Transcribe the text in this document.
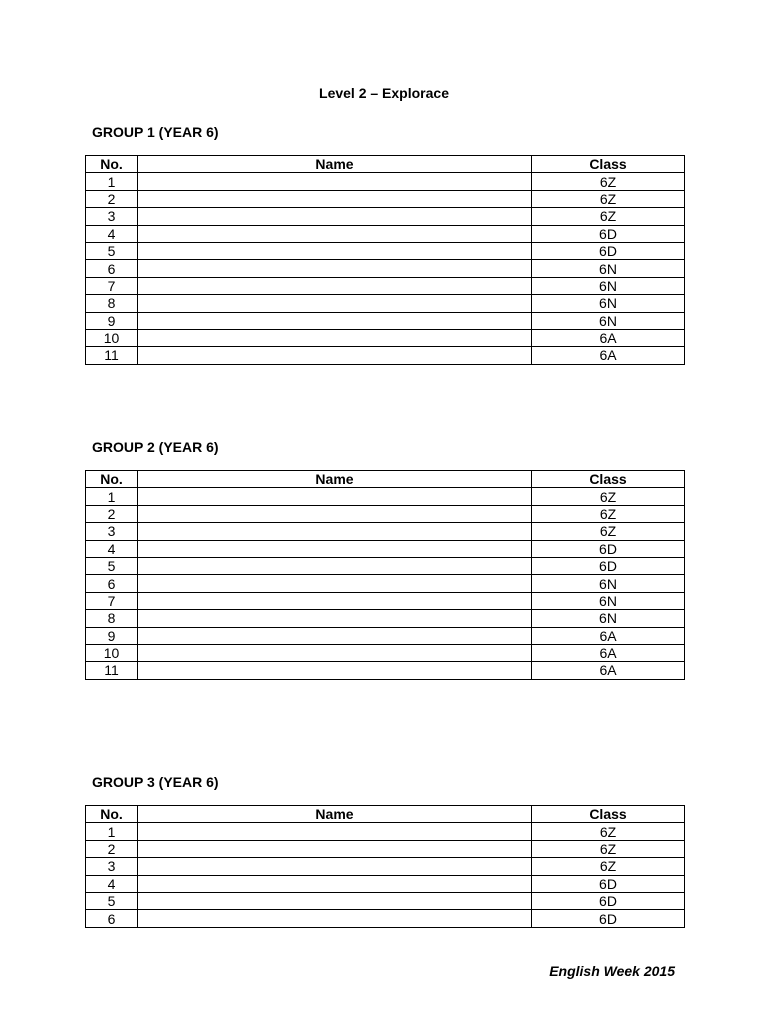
Level 2 – Explorace
GROUP 1 (YEAR 6)
No.	Name	Class
1		6Z
2		6Z
3		6Z
4		6D
5		6D
6		6N
7		6N
8		6N
9		6N
10		6A
11		6A
GROUP 2 (YEAR 6)
No.	Name	Class
1		6Z
2		6Z
3		6Z
4		6D
5		6D
6		6N
7		6N
8		6N
9		6A
10		6A
11		6A
GROUP 3 (YEAR 6)
No.	Name	Class
1		6Z
2		6Z
3		6Z
4		6D
5		6D
6		6D
English Week 2015
